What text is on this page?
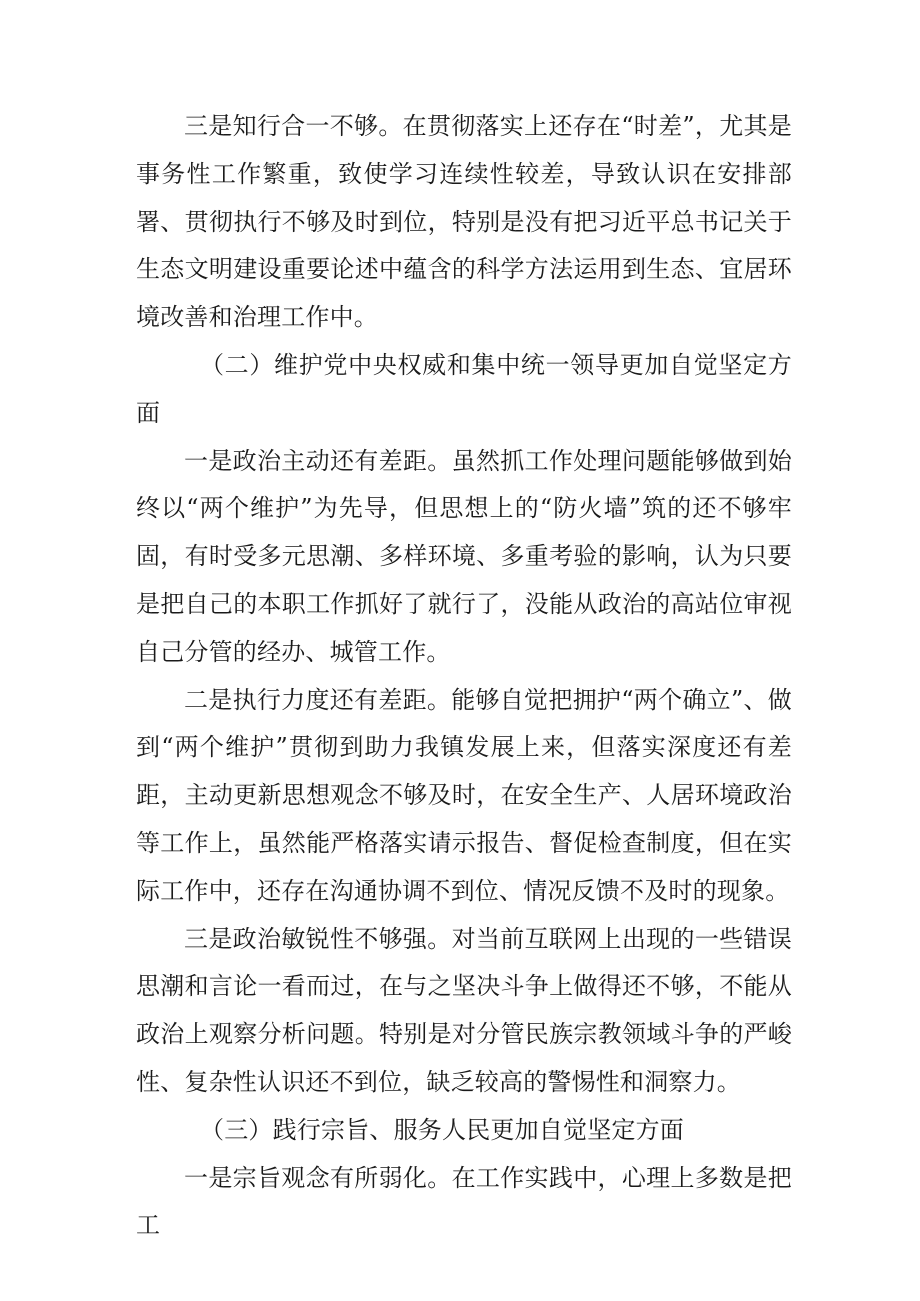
三是知行合一不够。在贯彻落实上还存在“时差”，尤其是事务性工作繁重，致使学习连续性较差，导致认识在安排部署、贯彻执行不够及时到位，特别是没有把习近平总书记关于生态文明建设重要论述中蕴含的科学方法运用到生态、宜居环境改善和治理工作中。

（二）维护党中央权威和集中统一领导更加自觉坚定方面

一是政治主动还有差距。虽然抓工作处理问题能够做到始终以“两个维护”为先导，但思想上的“防火墙”筑的还不够牢固，有时受多元思潮、多样环境、多重考验的影响，认为只要是把自己的本职工作抓好了就行了，没能从政治的高站位审视自己分管的经办、城管工作。

二是执行力度还有差距。能够自觉把拥护“两个确立”、做到“两个维护”贯彻到助力我镇发展上来，但落实深度还有差距，主动更新思想观念不够及时，在安全生产、人居环境政治等工作上，虽然能严格落实请示报告、督促检查制度，但在实际工作中，还存在沟通协调不到位、情况反馈不及时的现象。

三是政治敏锐性不够强。对当前互联网上出现的一些错误思潮和言论一看而过，在与之坚决斗争上做得还不够，不能从政治上观察分析问题。特别是对分管民族宗教领域斗争的严峻性、复杂性认识还不到位，缺乏较高的警惕性和洞察力。

（三）践行宗旨、服务人民更加自觉坚定方面

一是宗旨观念有所弱化。在工作实践中，心理上多数是把工
